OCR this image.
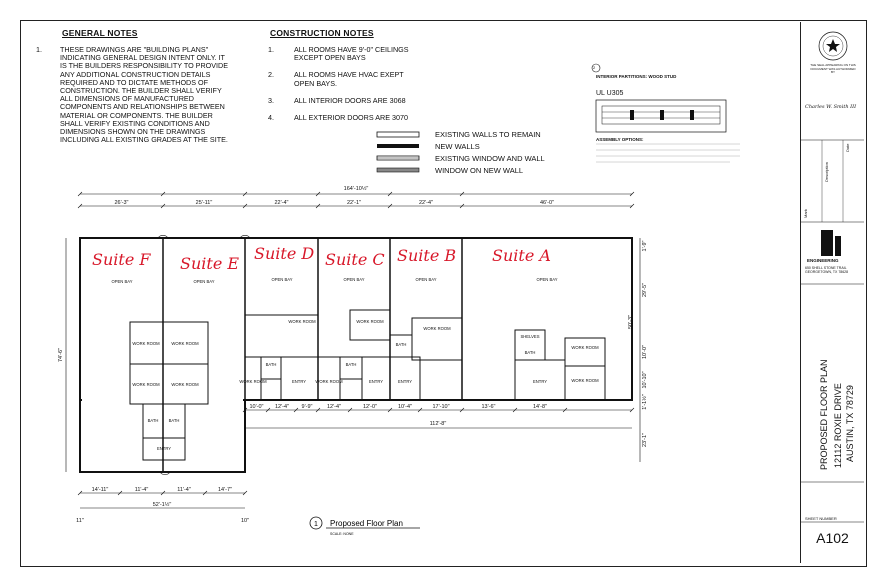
GENERAL NOTES
1.	THESE DRAWINGS ARE "BUILDING PLANS"
INDICATING GENERAL DESIGN INTENT ONLY. IT
IS THE BUILDERS RESPONSIBILITY TO PROVIDE
ANY ADDITIONAL CONSTRUCTION DETAILS
REQUIRED AND TO DICTATE METHODS OF
CONSTRUCTION. THE BUILDER SHALL VERIFY
ALL DIMENSIONS OF MANUFACTURED
COMPONENTS AND RELATIONSHIPS BETWEEN
MATERIAL OR COMPONENTS. THE BUILDER
SHALL VERIFY EXISTING CONDITIONS AND
DIMENSIONS SHOWN ON THE DRAWINGS
INCLUDING ALL EXISTING GRADES AT THE SITE.
CONSTRUCTION NOTES
1.	ALL ROOMS HAVE 9'-0" CEILINGS
EXCEPT OPEN BAYS
2.	ALL ROOMS HAVE HVAC EXEPT
OPEN BAYS.
3.	ALL INTERIOR DOORS ARE 3068
4.	ALL EXTERIOR DOORS ARE 3070
EXISTING WALLS TO REMAIN
NEW WALLS
EXISTING WINDOW AND WALL
WINDOW ON NEW WALL
2
INTERIOR PARTITIONS: WOOD STUD
UL U305
ASSEMBLY OPTIONS:
164'-10½"
26'-3"	25'-11"	22'-4"	22'-1"	22'-4"	46'-0"
10'-0" 12'-4" 9'-9"	12'-4"	12'-0"	10'-4"	17'-10"	13'-6"	14'-8"
112'-8"
14'-11"	11'-4"	11'-4"	14'-7"
52'-1½"
11"	10"
74'-6"
29'-5"
50'-3"
10'-0"
10'-10"
1'-9"
1'-1½"
23'-1"
OPEN BAY	OPEN BAY	OPEN BAY	OPEN BAY	OPEN BAY	OPEN BAY
WORK ROOM	WORK ROOM
WORK ROOM	WORK ROOM
BATH BATH
ENTRY
WORK ROOM
BATH
ENTRY
WORK ROOM
WORK ROOM
BATH
ENTRY
WORK ROOM
WORK ROOM
BATH
ENTRY
SHELVES
BATH
ENTRY
WORK ROOM
WORK ROOM
1 Proposed Floor Plan
SCALE: NONE
Suite F Suite E
Suite D Suite C Suite B Suite A
THE SEAL APPEARING ON THIS DOCUMENT WAS AUTHORIZED BY
Charles W. Smith III
Mark
Description
Date
ENGINEERING
650 SHELL STONE TRAIL
GEORGETOWN, TX 78628
PROPOSED FLOOR PLAN 12112 ROXIE DRIVE AUSTIN, TX 78729
SHEET NUMBER
A102
